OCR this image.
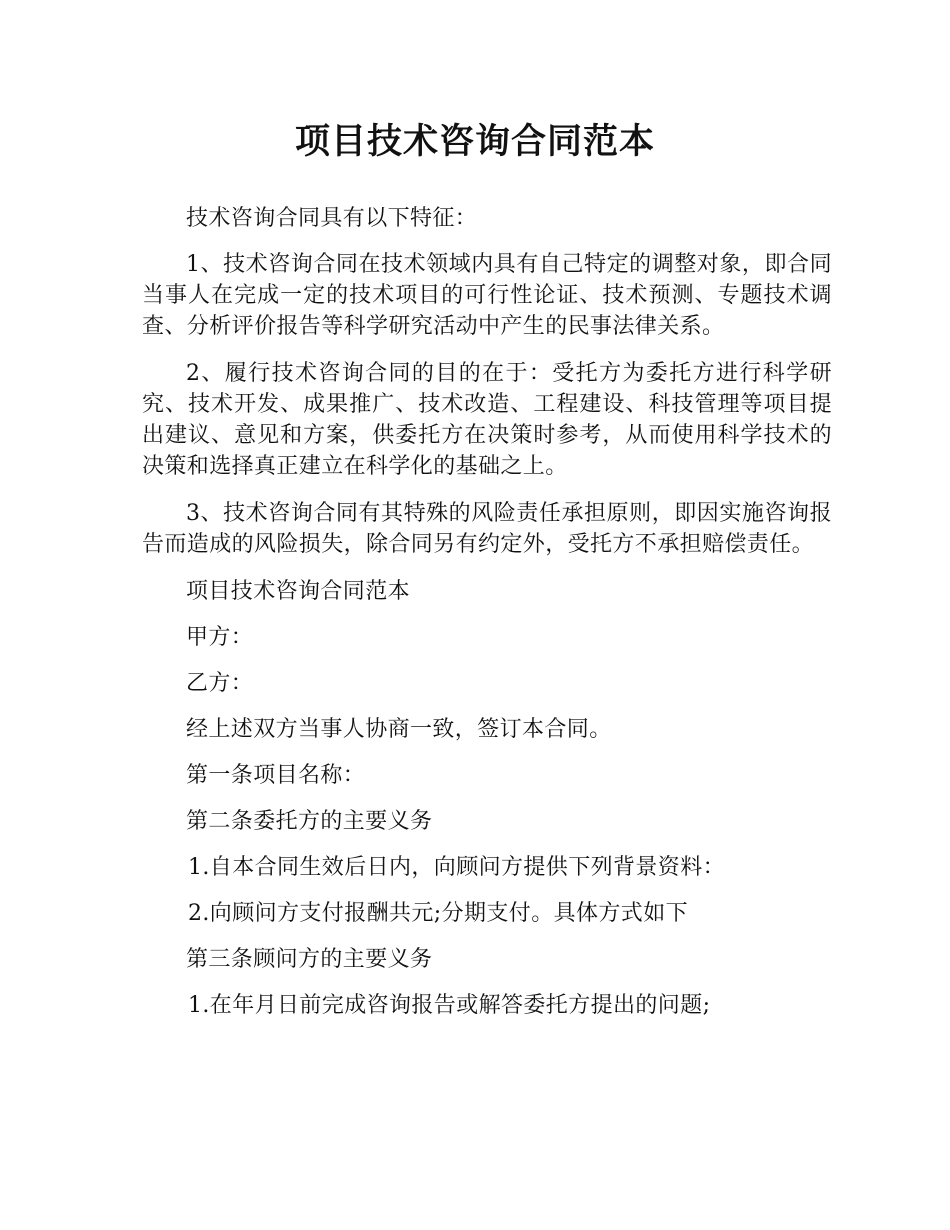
项目技术咨询合同范本

技术咨询合同具有以下特征：

1、技术咨询合同在技术领域内具有自己特定的调整对象，即合同当事人在完成一定的技术项目的可行性论证、技术预测、专题技术调查、分析评价报告等科学研究活动中产生的民事法律关系。

2、履行技术咨询合同的目的在于：受托方为委托方进行科学研究、技术开发、成果推广、技术改造、工程建设、科技管理等项目提出建议、意见和方案，供委托方在决策时参考，从而使用科学技术的决策和选择真正建立在科学化的基础之上。

3、技术咨询合同有其特殊的风险责任承担原则，即因实施咨询报告而造成的风险损失，除合同另有约定外，受托方不承担赔偿责任。

项目技术咨询合同范本

甲方：

乙方：

经上述双方当事人协商一致，签订本合同。

第一条项目名称：

第二条委托方的主要义务

1.自本合同生效后日内，向顾问方提供下列背景资料：

2.向顾问方支付报酬共元;分期支付。具体方式如下

第三条顾问方的主要义务

1.在年月日前完成咨询报告或解答委托方提出的问题;
